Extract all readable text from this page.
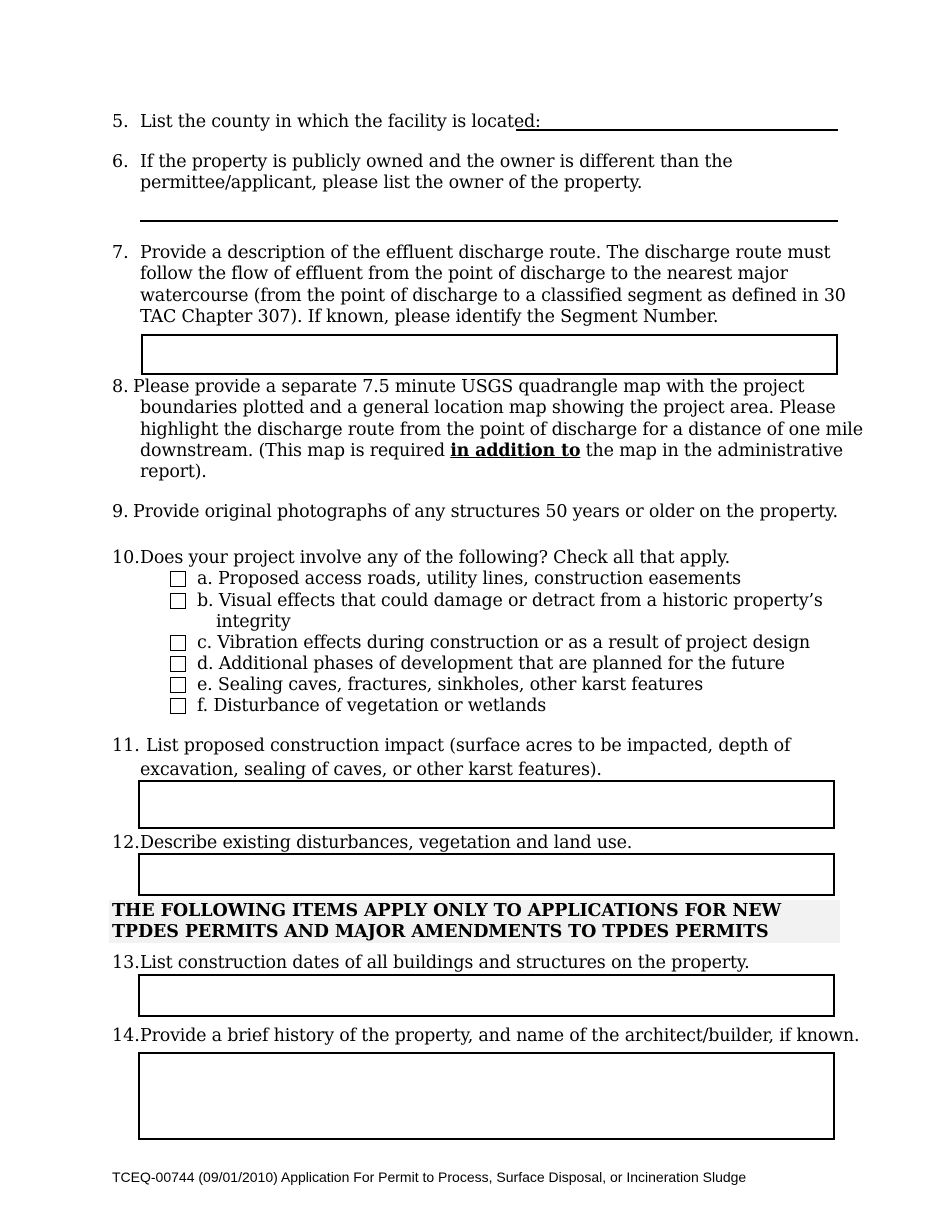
5. List the county in which the facility is located:
6. If the property is publicly owned and the owner is different than the
permittee/applicant, please list the owner of the property.
7. Provide a description of the effluent discharge route. The discharge route must
follow the flow of effluent from the point of discharge to the nearest major
watercourse (from the point of discharge to a classified segment as defined in 30
TAC Chapter 307). If known, please identify the Segment Number.
8. Please provide a separate 7.5 minute USGS quadrangle map with the project
boundaries plotted and a general location map showing the project area. Please
highlight the discharge route from the point of discharge for a distance of one mile
downstream. (This map is required in addition to the map in the administrative
report).
9. Provide original photographs of any structures 50 years or older on the property.
10. Does your project involve any of the following? Check all that apply.
a. Proposed access roads, utility lines, construction easements
b. Visual effects that could damage or detract from a historic property’s
integrity
c. Vibration effects during construction or as a result of project design
d. Additional phases of development that are planned for the future
e. Sealing caves, fractures, sinkholes, other karst features
f. Disturbance of vegetation or wetlands
11. List proposed construction impact (surface acres to be impacted, depth of
excavation, sealing of caves, or other karst features).
12. Describe existing disturbances, vegetation and land use.
THE FOLLOWING ITEMS APPLY ONLY TO APPLICATIONS FOR NEW
TPDES PERMITS AND MAJOR AMENDMENTS TO TPDES PERMITS
13. List construction dates of all buildings and structures on the property.
14. Provide a brief history of the property, and name of the architect/builder, if known.
TCEQ-00744 (09/01/2010) Application For Permit to Process, Surface Disposal, or Incineration Sludge
